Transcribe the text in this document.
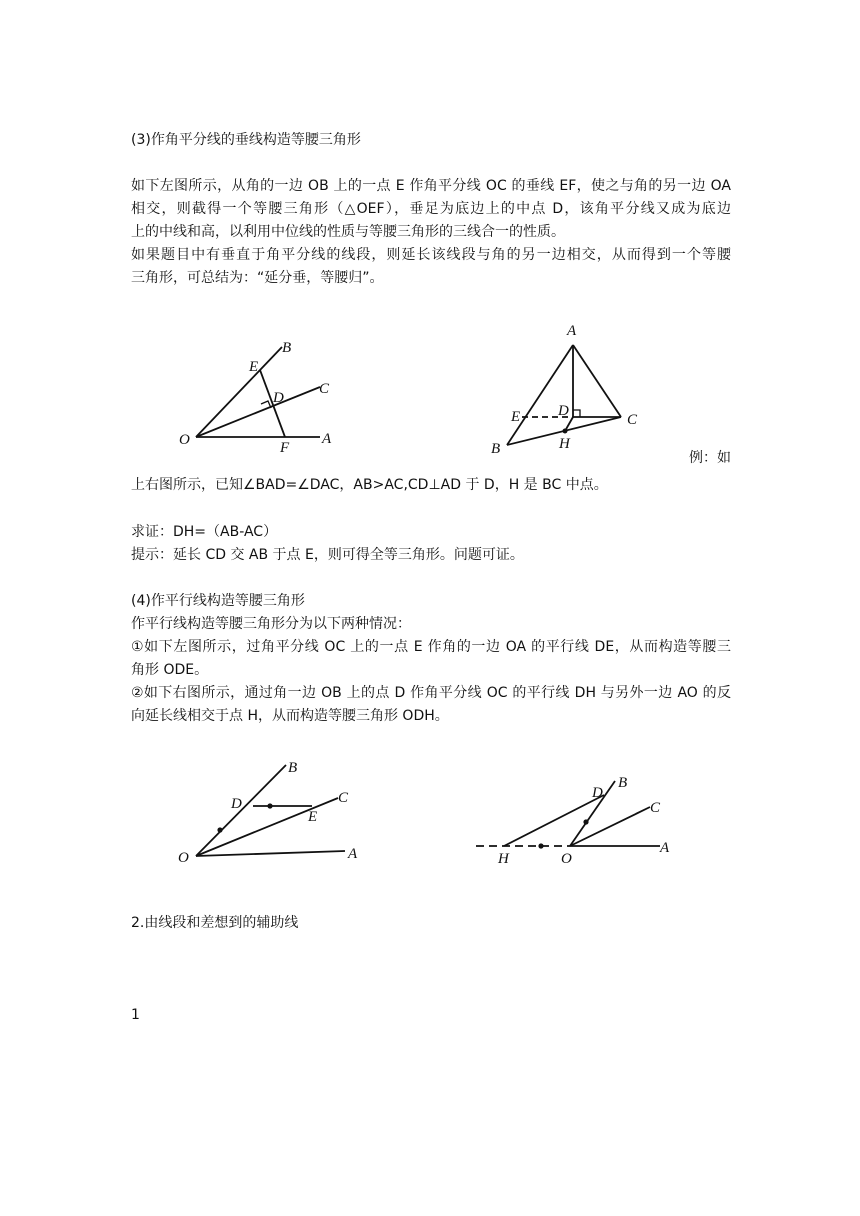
(3)作角平分线的垂线构造等腰三角形
如下左图所示，从角的一边 OB 上的一点 E 作角平分线 OC 的垂线 EF，使之与角的另一边 OA
相交，则截得一个等腰三角形（△OEF），垂足为底边上的中点 D，该角平分线又成为底边
上的中线和高，以利用中位线的性质与等腰三角形的三线合一的性质。
如果题目中有垂直于角平分线的线段，则延长该线段与角的另一边相交，从而得到一个等腰
三角形，可总结为：“延分垂，等腰归”。
B
E
D
C
O	F
A
A
E	D
C
B	H
例：如
上右图所示，已知∠BAD=∠DAC，AB>AC,CD⊥AD 于 D，H 是 BC 中点。
求证：DH=（AB-AC）
提示：延长 CD 交 AB 于点 E，则可得全等三角形。问题可证。
(4)作平行线构造等腰三角形
作平行线构造等腰三角形分为以下两种情况：
①如下左图所示，过角平分线 OC 上的一点 E 作角的一边 OA 的平行线 DE，从而构造等腰三
角形 ODE。
②如下右图所示，通过角一边 OB 上的点 D 作角平分线 OC 的平行线 DH 与另外一边 AO 的反
向延长线相交于点 H，从而构造等腰三角形 ODH。
B
D	C
E
O	A
D
B
C
H	O
A
2.由线段和差想到的辅助线
1
